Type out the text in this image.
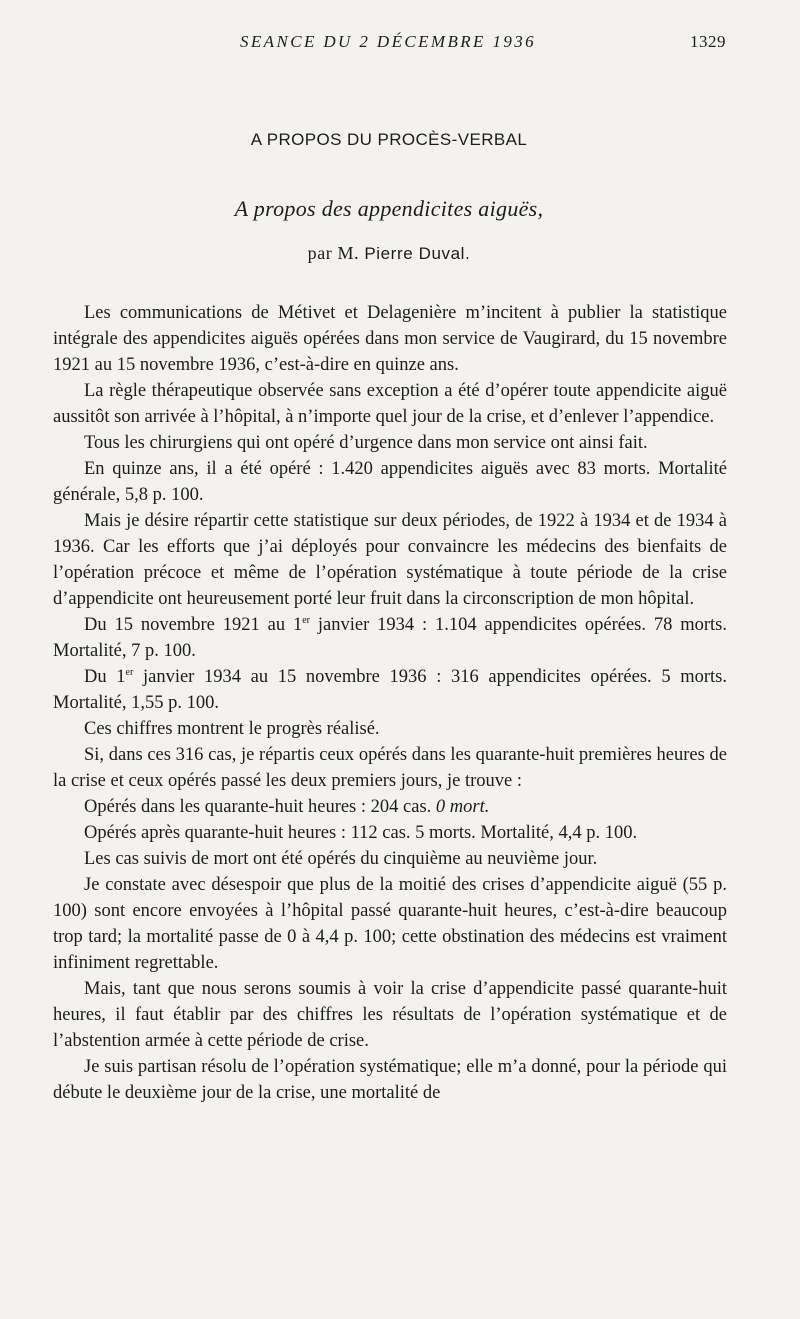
SEANCE DU 2 DÉCEMBRE 1936	1329
A PROPOS DU PROCÈS-VERBAL
A propos des appendicites aiguës,
par M. Pierre Duval.

Les communications de Métivet et Delagenière m’incitent à publier la statistique intégrale des appendicites aiguës opérées dans mon service de Vaugirard, du 15 novembre 1921 au 15 novembre 1936, c’est-à-dire en quinze ans.

La règle thérapeutique observée sans exception a été d’opérer toute appendicite aiguë aussitôt son arrivée à l’hôpital, à n’importe quel jour de la crise, et d’enlever l’appendice.

Tous les chirurgiens qui ont opéré d’urgence dans mon service ont ainsi fait.

En quinze ans, il a été opéré : 1.420 appendicites aiguës avec 83 morts. Mortalité générale, 5,8 p. 100.

Mais je désire répartir cette statistique sur deux périodes, de 1922 à 1934 et de 1934 à 1936. Car les efforts que j’ai déployés pour convaincre les médecins des bienfaits de l’opération précoce et même de l’opération systématique à toute période de la crise d’appendicite ont heureusement porté leur fruit dans la circonscription de mon hôpital.

Du 15 novembre 1921 au 1er janvier 1934 : 1.104 appendicites opérées. 78 morts. Mortalité, 7 p. 100.

Du 1er janvier 1934 au 15 novembre 1936 : 316 appendicites opérées. 5 morts. Mortalité, 1,55 p. 100.

Ces chiffres montrent le progrès réalisé.

Si, dans ces 316 cas, je répartis ceux opérés dans les quarante-huit premières heures de la crise et ceux opérés passé les deux premiers jours, je trouve :

Opérés dans les quarante-huit heures : 204 cas. 0 mort.

Opérés après quarante-huit heures : 112 cas. 5 morts. Mortalité, 4,4 p. 100.

Les cas suivis de mort ont été opérés du cinquième au neuvième jour.

Je constate avec désespoir que plus de la moitié des crises d’appendicite aiguë (55 p. 100) sont encore envoyées à l’hôpital passé quarante-huit heures, c’est-à-dire beaucoup trop tard; la mortalité passe de 0 à 4,4 p. 100; cette obstination des médecins est vraiment infiniment regrettable.

Mais, tant que nous serons soumis à voir la crise d’appendicite passé quarante-huit heures, il faut établir par des chiffres les résultats de l’opération systématique et de l’abstention armée à cette période de crise.

Je suis partisan résolu de l’opération systématique; elle m’a donné, pour la période qui débute le deuxième jour de la crise, une mortalité de
